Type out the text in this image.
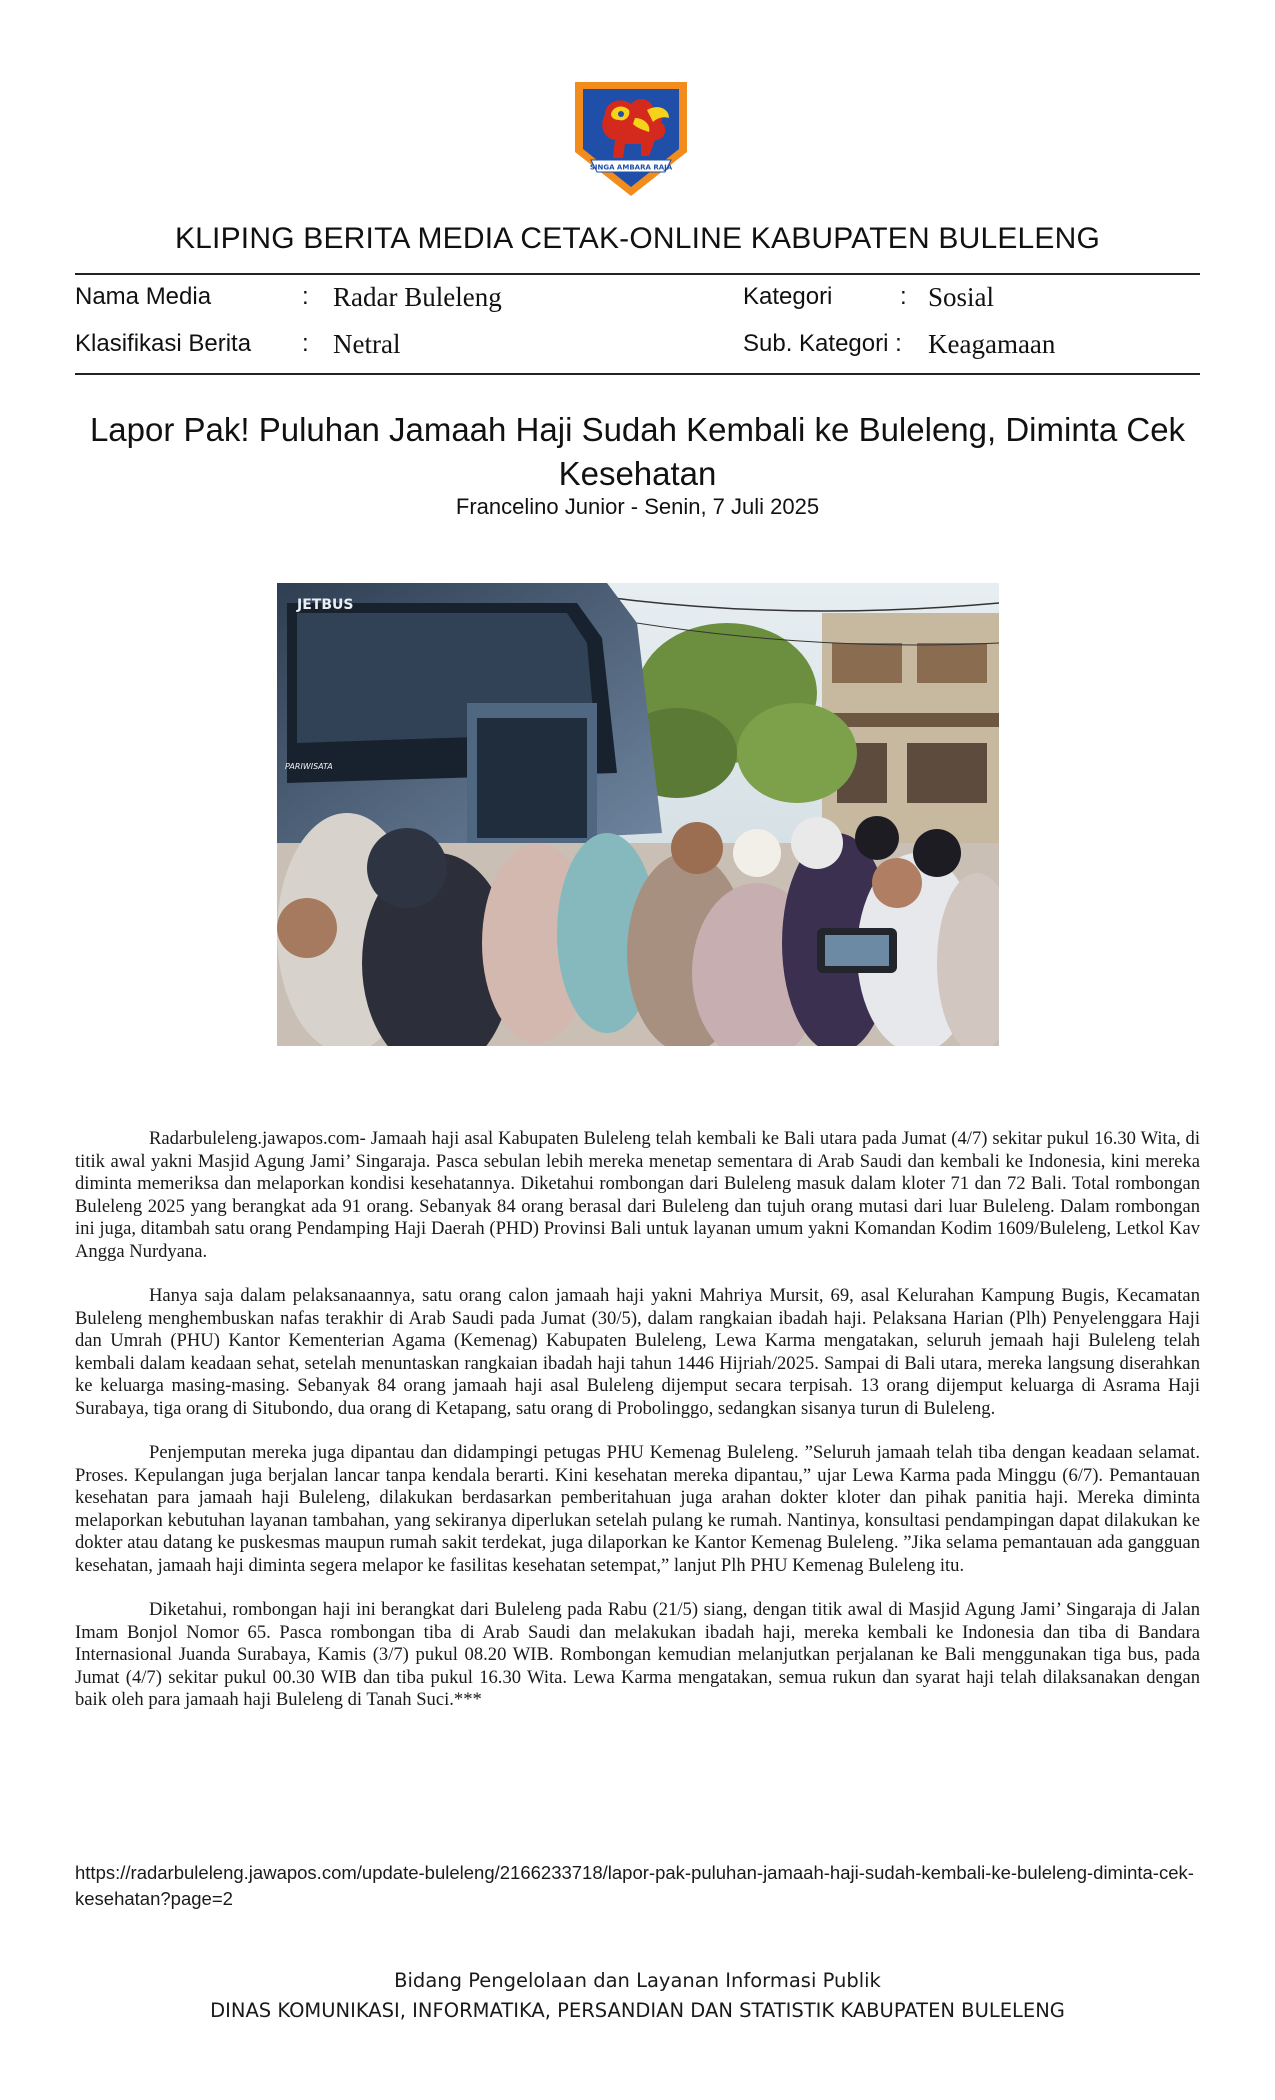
SINGA AMBARA RAJA
KLIPING BERITA MEDIA CETAK-ONLINE KABUPATEN BULELENG
Nama Media	: Radar Buleleng	Kategori	: Sosial
Klasifikasi Berita : Netral	Sub. Kategori : Keagamaan
Lapor Pak! Puluhan Jamaah Haji Sudah Kembali ke Buleleng, Diminta Cek Kesehatan
Francelino Junior - Senin, 7 Juli 2025
JETBUS
PARIWISATA

Radarbuleleng.jawapos.com- Jamaah haji asal Kabupaten Buleleng telah kembali ke Bali utara pada Jumat (4/7) sekitar pukul 16.30 Wita, di titik awal yakni Masjid Agung Jami’ Singaraja. Pasca sebulan lebih mereka menetap sementara di Arab Saudi dan kembali ke Indonesia, kini mereka diminta memeriksa dan melaporkan kondisi kesehatannya. Diketahui rombongan dari Buleleng masuk dalam kloter 71 dan 72 Bali. Total rombongan Buleleng 2025 yang berangkat ada 91 orang. Sebanyak 84 orang berasal dari Buleleng dan tujuh orang mutasi dari luar Buleleng. Dalam rombongan ini juga, ditambah satu orang Pendamping Haji Daerah (PHD) Provinsi Bali untuk layanan umum yakni Komandan Kodim 1609/Buleleng, Letkol Kav Angga Nurdyana.

Hanya saja dalam pelaksanaannya, satu orang calon jamaah haji yakni Mahriya Mursit, 69, asal Kelurahan Kampung Bugis, Kecamatan Buleleng menghembuskan nafas terakhir di Arab Saudi pada Jumat (30/5), dalam rangkaian ibadah haji. Pelaksana Harian (Plh) Penyelenggara Haji dan Umrah (PHU) Kantor Kementerian Agama (Kemenag) Kabupaten Buleleng, Lewa Karma mengatakan, seluruh jemaah haji Buleleng telah kembali dalam keadaan sehat, setelah menuntaskan rangkaian ibadah haji tahun 1446 Hijriah/2025. Sampai di Bali utara, mereka langsung diserahkan ke keluarga masing-masing. Sebanyak 84 orang jamaah haji asal Buleleng dijemput secara terpisah. 13 orang dijemput keluarga di Asrama Haji Surabaya, tiga orang di Situbondo, dua orang di Ketapang, satu orang di Probolinggo, sedangkan sisanya turun di Buleleng.

Penjemputan mereka juga dipantau dan didampingi petugas PHU Kemenag Buleleng. ”Seluruh jamaah telah tiba dengan keadaan selamat. Proses. Kepulangan juga berjalan lancar tanpa kendala berarti. Kini kesehatan mereka dipantau,” ujar Lewa Karma pada Minggu (6/7). Pemantauan kesehatan para jamaah haji Buleleng, dilakukan berdasarkan pemberitahuan juga arahan dokter kloter dan pihak panitia haji. Mereka diminta melaporkan kebutuhan layanan tambahan, yang sekiranya diperlukan setelah pulang ke rumah. Nantinya, konsultasi pendampingan dapat dilakukan ke dokter atau datang ke puskesmas maupun rumah sakit terdekat, juga dilaporkan ke Kantor Kemenag Buleleng. ”Jika selama pemantauan ada gangguan kesehatan, jamaah haji diminta segera melapor ke fasilitas kesehatan setempat,” lanjut Plh PHU Kemenag Buleleng itu.

Diketahui, rombongan haji ini berangkat dari Buleleng pada Rabu (21/5) siang, dengan titik awal di Masjid Agung Jami’ Singaraja di Jalan Imam Bonjol Nomor 65. Pasca rombongan tiba di Arab Saudi dan melakukan ibadah haji, mereka kembali ke Indonesia dan tiba di Bandara Internasional Juanda Surabaya, Kamis (3/7) pukul 08.20 WIB. Rombongan kemudian melanjutkan perjalanan ke Bali menggunakan tiga bus, pada Jumat (4/7) sekitar pukul 00.30 WIB dan tiba pukul 16.30 Wita. Lewa Karma mengatakan, semua rukun dan syarat haji telah dilaksanakan dengan baik oleh para jamaah haji Buleleng di Tanah Suci.***

https://radarbuleleng.jawapos.com/update-buleleng/2166233718/lapor-pak-puluhan-jamaah-haji-sudah-kembali-ke-buleleng-diminta-cek-kesehatan?page=2
Bidang Pengelolaan dan Layanan Informasi Publik
DINAS KOMUNIKASI, INFORMATIKA, PERSANDIAN DAN STATISTIK KABUPATEN BULELENG
